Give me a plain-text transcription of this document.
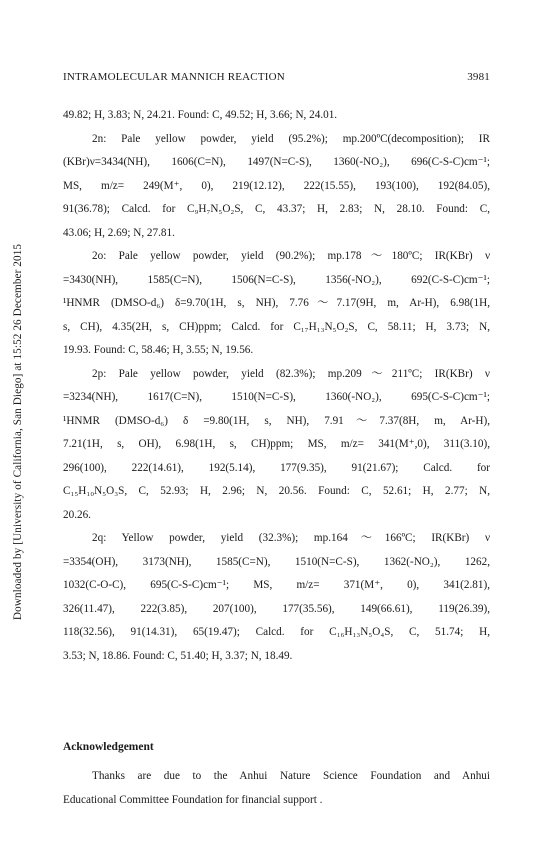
Downloaded by [University of California, San Diego] at 15:52 26 December 2015
INTRAMOLECULAR MANNICH REACTION	3981
49.82; H, 3.83; N, 24.21. Found: C, 49.52; H, 3.66; N, 24.01.
2n: Pale yellow powder, yield (95.2%); mp.200ºC(decomposition); IR
(KBr)ν=3434(NH), 1606(C=N), 1497(N=C-S), 1360(-NO₂), 696(C-S-C)cm⁻¹;
MS, m/z= 249(M⁺, 0), 219(12.12), 222(15.55), 193(100), 192(84.05),
91(36.78); Calcd. for C₉H₇N₅O₂S, C, 43.37; H, 2.83; N, 28.10. Found: C,
43.06; H, 2.69; N, 27.81.
2o: Pale yellow powder, yield (90.2%); mp.178～180ºC; IR(KBr) ν
=3430(NH), 1585(C=N), 1506(N=C-S), 1356(-NO₂), 692(C-S-C)cm⁻¹;
¹HNMR (DMSO-d₆) δ=9.70(1H, s, NH), 7.76～7.17(9H, m, Ar-H), 6.98(1H,
s, CH), 4.35(2H, s, CH)ppm; Calcd. for C₁₇H₁₃N₅O₂S, C, 58.11; H, 3.73; N,
19.93. Found: C, 58.46; H, 3.55; N, 19.56.
2p: Pale yellow powder, yield (82.3%); mp.209～211ºC; IR(KBr) ν
=3234(NH), 1617(C=N), 1510(N=C-S), 1360(-NO₂), 695(C-S-C)cm⁻¹;
¹HNMR (DMSO-d₆) δ =9.80(1H, s, NH), 7.91～7.37(8H, m, Ar-H),
7.21(1H, s, OH), 6.98(1H, s, CH)ppm; MS, m/z= 341(M⁺,0), 311(3.10),
296(100), 222(14.61), 192(5.14), 177(9.35), 91(21.67); Calcd. for
C₁₅H₁₀N₅O₃S, C, 52.93; H, 2.96; N, 20.56. Found: C, 52.61; H, 2.77; N,
20.26.
2q: Yellow powder, yield (32.3%); mp.164～166ºC; IR(KBr) ν
=3354(OH), 3173(NH), 1585(C=N), 1510(N=C-S), 1362(-NO₂), 1262,
1032(C-O-C), 695(C-S-C)cm⁻¹; MS, m/z= 371(M⁺, 0), 341(2.81),
326(11.47), 222(3.85), 207(100), 177(35.56), 149(66.61), 119(26.39),
118(32.56), 91(14.31), 65(19.47); Calcd. for C₁₆H₁₃N₅O₄S, C, 51.74; H,
3.53; N, 18.86. Found: C, 51.40; H, 3.37; N, 18.49.
Acknowledgement
Thanks are due to the Anhui Nature Science Foundation and Anhui
Educational Committee Foundation for financial support .
